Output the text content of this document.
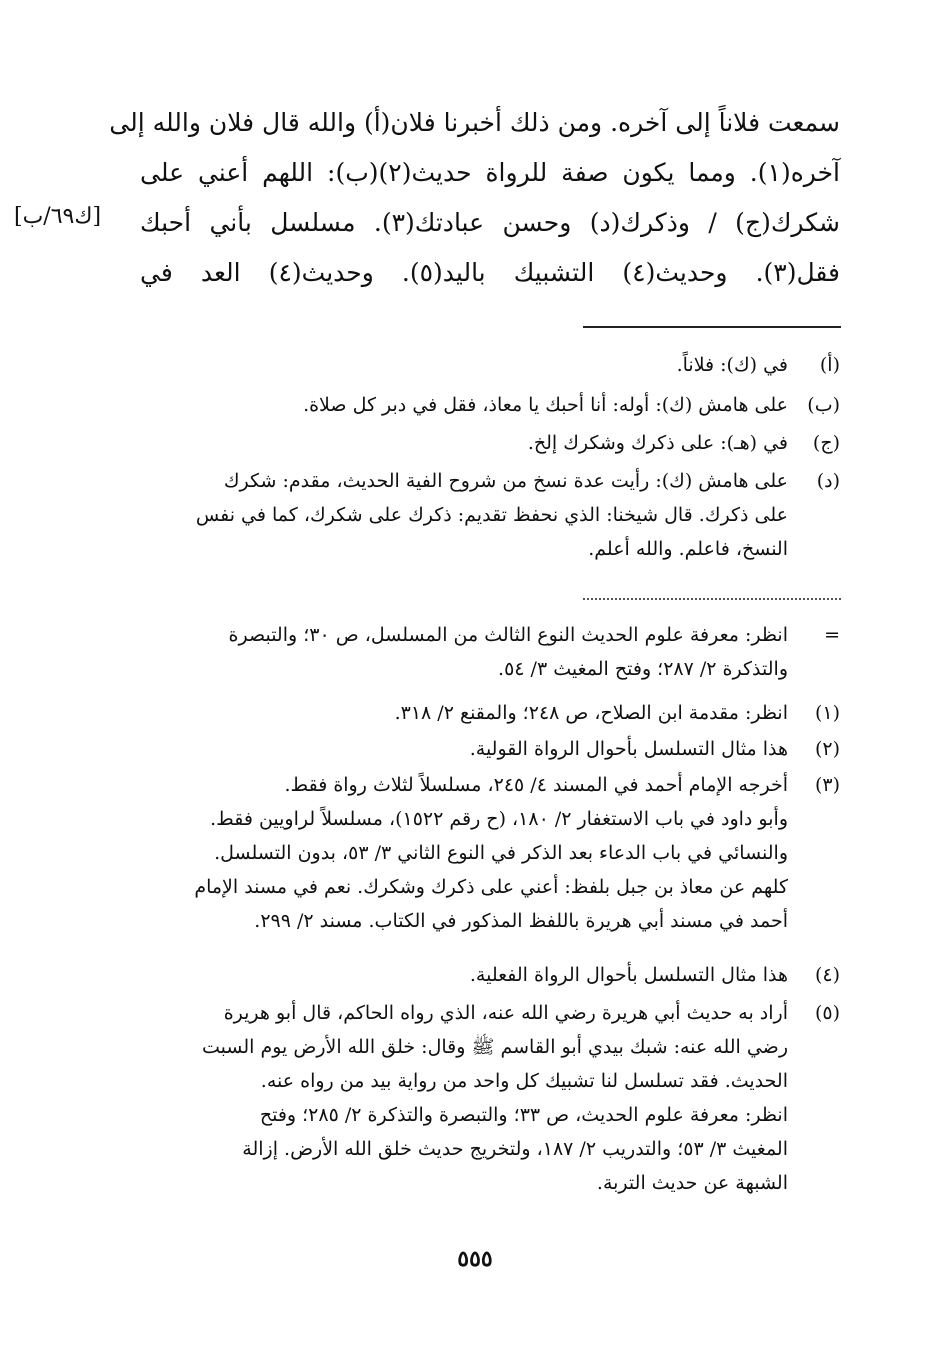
سمعت فلاناً إلى آخره. ومن ذلك أخبرنا فلان(أ) والله قال فلان والله إلى
آخره(١). ومما يكون صفة للرواة حديث(٢)(ب): اللهم أعني على
شكرك(ج) / وذكرك(د) وحسن عبادتك(٣). مسلسل بأني أحبك
فقل(٣). وحديث(٤) التشبيك باليد(٥). وحديث(٤) العد في
[ك٦٩/ب]
(أ)
في (ك): فلاناً.
(ب)
على هامش (ك): أوله: أنا أحبك يا معاذ، فقل في دبر كل صلاة.
(ج)
في (هـ): على ذكرك وشكرك إلخ.
(د)
على هامش (ك): رأيت عدة نسخ من شروح الفية الحديث، مقدم: شكرك
على ذكرك. قال شيخنا: الذي نحفظ تقديم: ذكرك على شكرك، كما في نفس
النسخ، فاعلم. والله أعلم.
=
انظر: معرفة علوم الحديث النوع الثالث من المسلسل، ص ٣٠؛ والتبصرة
والتذكرة ٢/ ٢٨٧؛ وفتح المغيث ٣/ ٥٤.
(١)
انظر: مقدمة ابن الصلاح، ص ٢٤٨؛ والمقنع ٢/ ٣١٨.
(٢)
هذا مثال التسلسل بأحوال الرواة القولية.
(٣)
أخرجه الإمام أحمد في المسند ٤/ ٢٤٥، مسلسلاً لثلاث رواة فقط.
وأبو داود في باب الاستغفار ٢/ ١٨٠، (ح رقم ١٥٢٢)، مسلسلاً لراويين فقط.
والنسائي في باب الدعاء بعد الذكر في النوع الثاني ٣/ ٥٣، بدون التسلسل.
كلهم عن معاذ بن جبل بلفظ: أعني على ذكرك وشكرك. نعم في مسند الإمام
أحمد في مسند أبي هريرة باللفظ المذكور في الكتاب. مسند ٢/ ٢٩٩.
(٤)
هذا مثال التسلسل بأحوال الرواة الفعلية.
(٥)
أراد به حديث أبي هريرة رضي الله عنه، الذي رواه الحاكم، قال أبو هريرة
رضي الله عنه: شبك بيدي أبو القاسم ﷺ وقال: خلق الله الأرض يوم السبت
الحديث. فقد تسلسل لنا تشبيك كل واحد من رواية بيد من رواه عنه.
انظر: معرفة علوم الحديث، ص ٣٣؛ والتبصرة والتذكرة ٢/ ٢٨٥؛ وفتح
المغيث ٣/ ٥٣؛ والتدريب ٢/ ١٨٧، ولتخريج حديث خلق الله الأرض. إزالة
الشبهة عن حديث التربة.
٥٥٥
